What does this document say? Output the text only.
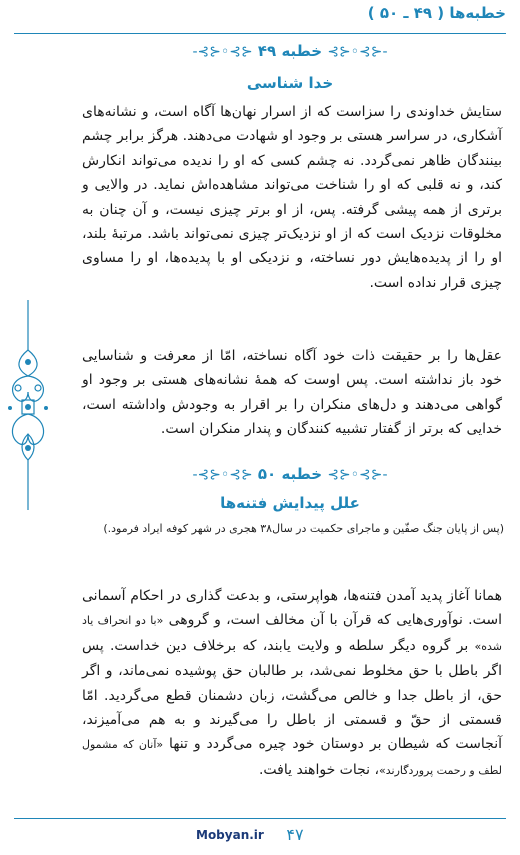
خطبه‌ها ( ۴۹ ـ ۵۰ )
-⊰⊱◦⊰⊱ خطبه ۴۹ ⊰⊱◦⊰⊱-
خدا شناسی

ستایش خداوندی را سزاست که از اسرار نهان‌ها آگاه است، و نشانه‌های آشکاری، در سراسر هستی بر وجود او شهادت می‌دهند. هرگز برابر چشم بینندگان ظاهر نمی‌گردد. نه چشم کسی که او را ندیده می‌تواند انکارش کند، و نه قلبی که او را شناخت می‌تواند مشاهده‌اش نماید. در والایی و برتری از همه پیشی گرفته. پس، از او برتر چیزی نیست، و آن چنان به مخلوقات نزدیک است که از او نزدیک‌تر چیزی نمی‌تواند باشد. مرتبهٔ بلند، او را از پدیده‌هایش دور نساخته، و نزدیکی او با پدیده‌ها، او را مساوی چیزی قرار نداده است.

عقل‌ها را بر حقیقت ذات خود آگاه نساخته، امّا از معرفت و شناسایی خود باز نداشته است. پس اوست که همهٔ نشانه‌های هستی بر وجود او گواهی می‌دهند و دل‌های منکران را بر اقرار به وجودش واداشته است، خدایی که برتر از گفتار تشبیه کنندگان و پندار منکران است.

-⊰⊱◦⊰⊱ خطبه ۵۰ ⊰⊱◦⊰⊱-
علل پیدایش فتنه‌ها

(پس از پایان جنگ صفّین و ماجرای حکمیت در سال۳۸ هجری در شهر کوفه ایراد فرمود.)

همانا آغاز پدید آمدن فتنه‌ها، هواپرستی، و بدعت گذاری در احکام آسمانی است. نوآوری‌هایی که قرآن با آن مخالف است، و گروهی «با دو انحراف یاد شده» بر گروه دیگر سلطه و ولایت یابند، که برخلاف دین خداست. پس اگر باطل با حق مخلوط نمی‌شد، بر طالبان حق پوشیده نمی‌ماند، و اگر حق، از باطل جدا و خالص می‌گشت، زبان دشمنان قطع می‌گردید. امّا قسمتی از حقّ و قسمتی از باطل را می‌گیرند و به هم می‌آمیزند، آنجاست که شیطان بر دوستان خود چیره می‌گردد و تنها «آنان که مشمول لطف و رحمت پروردگارند»، نجات خواهند یافت.

Mobyan.ir	۴۷
